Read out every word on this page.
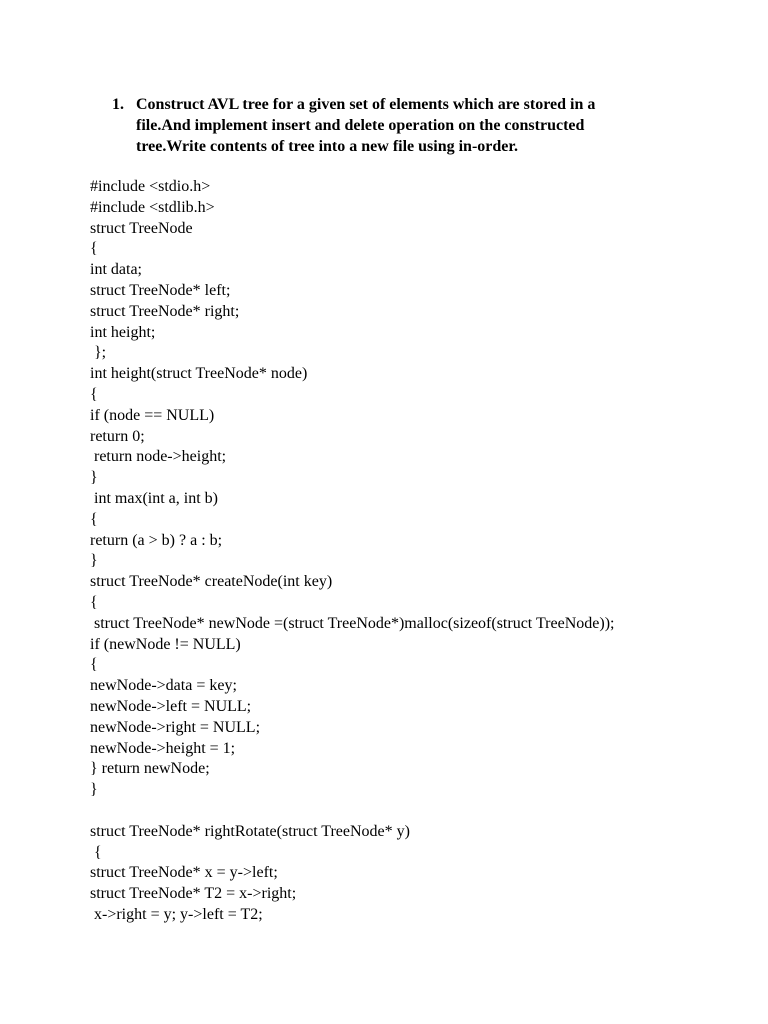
1. Construct AVL tree for a given set of elements which are stored in a
file.And implement insert and delete operation on the constructed
tree.Write contents of tree into a new file using in-order.
#include <stdio.h>
#include <stdlib.h>
struct TreeNode
{
int data;
struct TreeNode* left;
struct TreeNode* right;
int height;
};
int height(struct TreeNode* node)
{
if (node == NULL)
return 0;
return node->height;
}
int max(int a, int b)
{
return (a > b) ? a : b;
}
struct TreeNode* createNode(int key)
{
struct TreeNode* newNode =(struct TreeNode*)malloc(sizeof(struct TreeNode));
if (newNode != NULL)
{
newNode->data = key;
newNode->left = NULL;
newNode->right = NULL;
newNode->height = 1;
} return newNode;
}
struct TreeNode* rightRotate(struct TreeNode* y)
{
struct TreeNode* x = y->left;
struct TreeNode* T2 = x->right;
x->right = y; y->left = T2;
